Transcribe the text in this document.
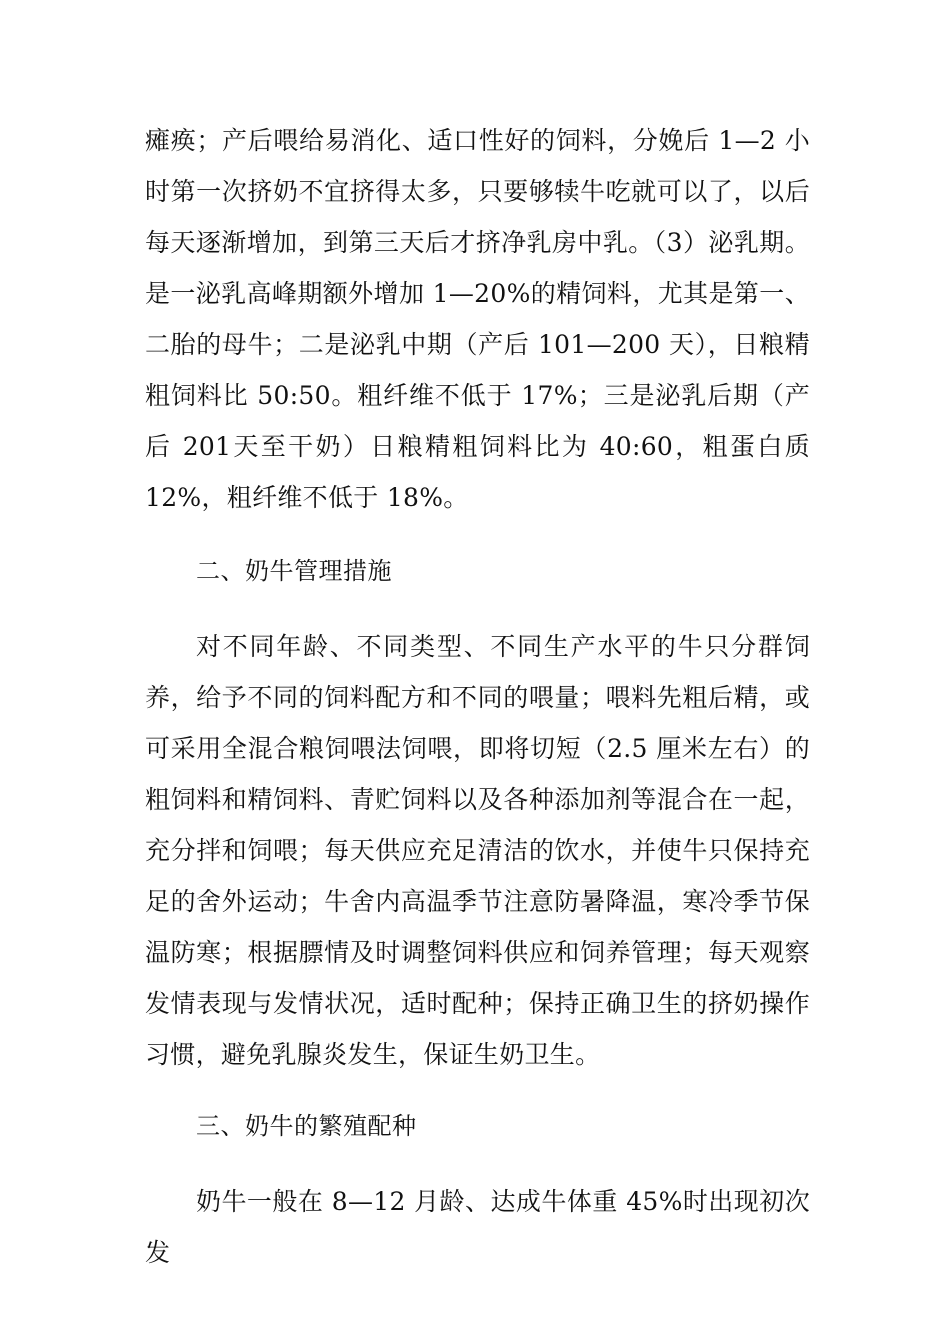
瘫痪；产后喂给易消化、适口性好的饲料，分娩后 1—2 小时第一次挤奶不宜挤得太多，只要够犊牛吃就可以了，以后每天逐渐增加，到第三天后才挤净乳房中乳。（3）泌乳期。是一泌乳高峰期额外增加 1—20%的精饲料，尤其是第一、二胎的母牛；二是泌乳中期（产后 101—200 天），日粮精粗饲料比 50:50。粗纤维不低于 17%；三是泌乳后期（产后 201天至干奶）日粮精粗饲料比为 40:60，粗蛋白质 12%，粗纤维不低于 18%。
二、奶牛管理措施
对不同年龄、不同类型、不同生产水平的牛只分群饲养，给予不同的饲料配方和不同的喂量；喂料先粗后精，或可采用全混合粮饲喂法饲喂，即将切短（2.5 厘米左右）的粗饲料和精饲料、青贮饲料以及各种添加剂等混合在一起，充分拌和饲喂；每天供应充足清洁的饮水，并使牛只保持充足的舍外运动；牛舍内高温季节注意防暑降温，寒冷季节保温防寒；根据膘情及时调整饲料供应和饲养管理；每天观察发情表现与发情状况，适时配种；保持正确卫生的挤奶操作习惯，避免乳腺炎发生，保证生奶卫生。
三、奶牛的繁殖配种
奶牛一般在 8—12 月龄、达成牛体重 45%时出现初次发
